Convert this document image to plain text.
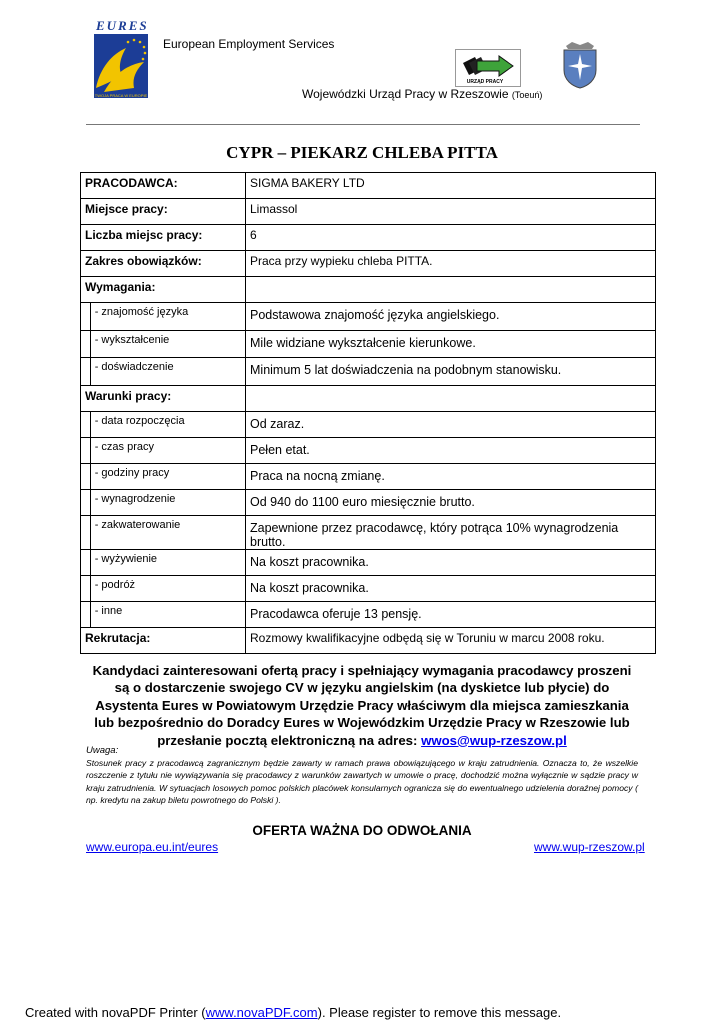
EURES
TWOJA PRACA W EUROPIE
European Employment Services
URZĄD PRACY
Wojewódzki Urząd Pracy w Rzeszowie (Toeuń)
CYPR – PIEKARZ CHLEBA PITTA
PRACODAWCA:		SIGMA BAKERY LTD
Miejsce pracy:		Limassol
Liczba miejsc pracy:		6
Zakres obowiązków:		Praca przy wypieku chleba PITTA.
Wymagania:		
	- znajomość języka	Podstawowa znajomość języka angielskiego.
	- wykształcenie	Mile widziane wykształcenie kierunkowe.
	- doświadczenie	Minimum 5 lat doświadczenia na podobnym stanowisku.
Warunki pracy:		
	- data rozpoczęcia	Od zaraz.
	- czas pracy	Pełen etat.
	- godziny pracy	Praca na nocną zmianę.
	- wynagrodzenie	Od 940 do 1100 euro miesięcznie brutto.
	- zakwaterowanie	Zapewnione przez pracodawcę, który potrąca 10% wynagrodzenia brutto.
	- wyżywienie	Na koszt pracownika.
	- podróż	Na koszt pracownika.
	- inne	Pracodawca oferuje 13 pensję.
Rekrutacja:		Rozmowy kwalifikacyjne odbędą się w Toruniu w marcu 2008 roku.
Kandydaci zainteresowani ofertą pracy i spełniający wymagania pracodawcy proszeni są o dostarczenie swojego CV w języku angielskim (na dyskietce lub płycie) do Asystenta Eures w Powiatowym Urzędzie Pracy właściwym dla miejsca zamieszkania lub bezpośrednio do Doradcy Eures w Wojewódzkim Urzędzie Pracy w Rzeszowie lub przesłanie pocztą elektroniczną na adres: wwos@wup-rzeszow.pl
Uwaga:
Stosunek pracy z pracodawcą zagranicznym będzie zawarty w ramach prawa obowiązującego w kraju zatrudnienia. Oznacza to, że wszelkie roszczenie z tytułu nie wywiązywania się pracodawcy z warunków zawartych w umowie o pracę, dochodzić można wyłącznie w sądzie pracy w kraju zatrudnienia. W sytuacjach losowych pomoc polskich placówek konsularnych ogranicza się do ewentualnego udzielenia doraźnej pomocy ( np. kredytu na zakup biletu powrotnego do Polski ).
OFERTA WAŻNA DO ODWOŁANIA
www.europa.eu.int/eures	www.wup-rzeszow.pl
Created with novaPDF Printer (www.novaPDF.com). Please register to remove this message.
